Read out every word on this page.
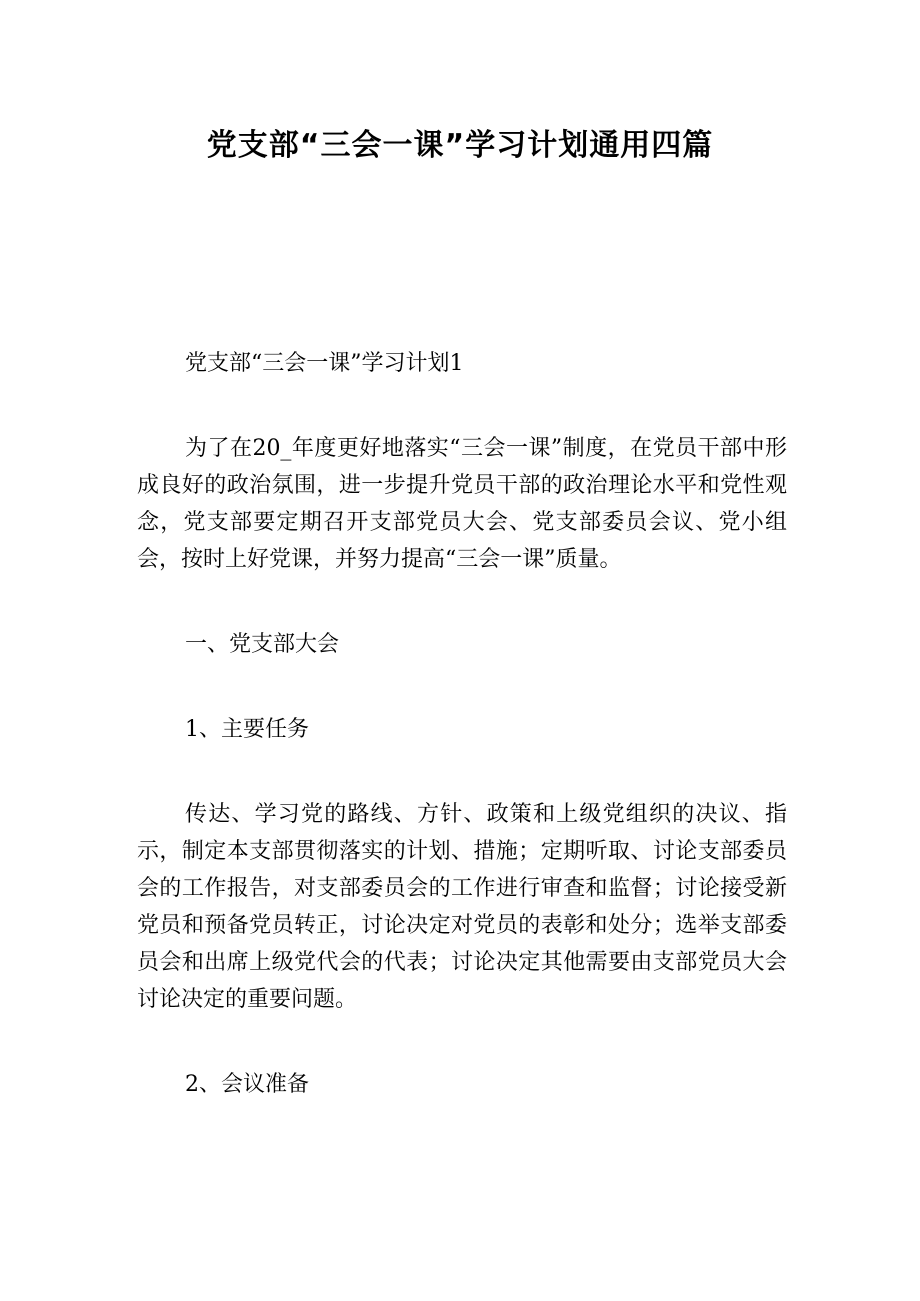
党支部“三会一课”学习计划通用四篇

党支部“三会一课”学习计划1

为了在20_年度更好地落实“三会一课”制度，在党员干部中形成良好的政治氛围，进一步提升党员干部的政治理论水平和党性观念，党支部要定期召开支部党员大会、党支部委员会议、党小组会，按时上好党课，并努力提高“三会一课”质量。

一、党支部大会

1、主要任务

传达、学习党的路线、方针、政策和上级党组织的决议、指示，制定本支部贯彻落实的计划、措施；定期听取、讨论支部委员会的工作报告，对支部委员会的工作进行审查和监督；讨论接受新党员和预备党员转正，讨论决定对党员的表彰和处分；选举支部委员会和出席上级党代会的代表；讨论决定其他需要由支部党员大会讨论决定的重要问题。

2、会议准备
